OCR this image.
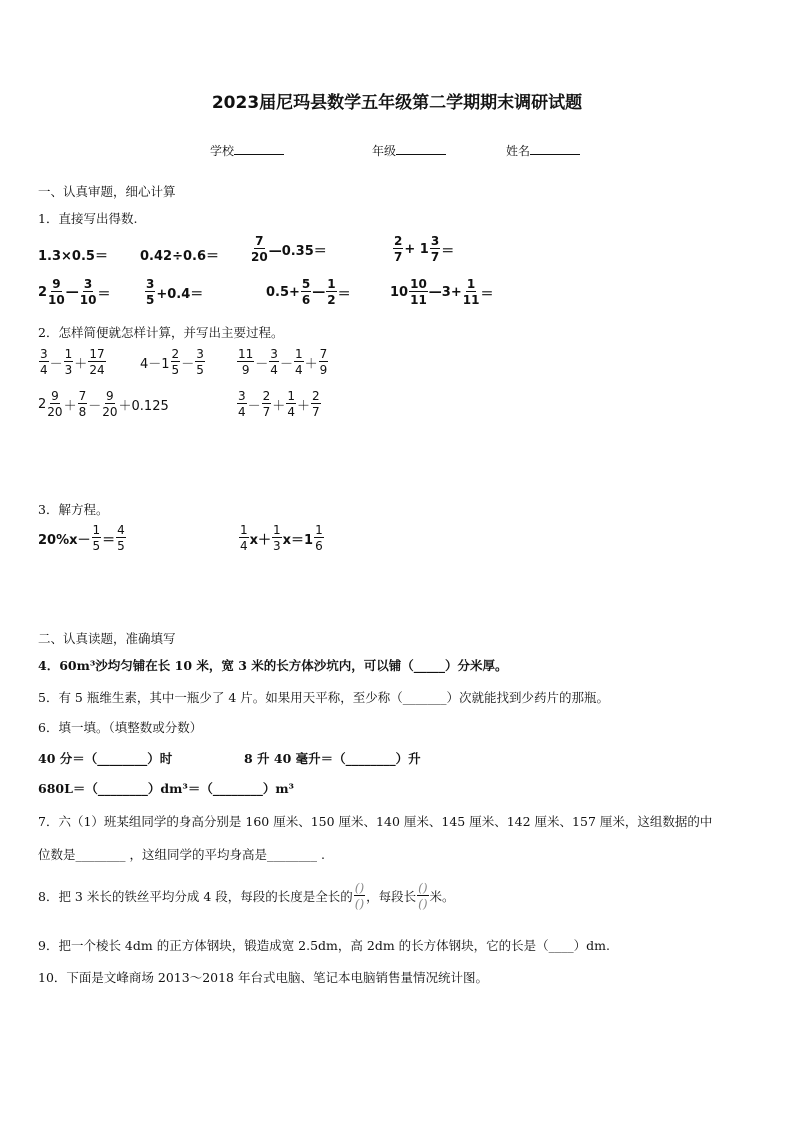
2023届尼玛县数学五年级第二学期期末调研试题
学校	年级	姓名
一、认真审题，细心计算
1．直接写出得数.
1.3×0.5＝ 0.42÷0.6＝	$\frac{7}{20}$ —0.35＝	$\frac{2}{7} + 1 \frac{3}{7}$ ＝
$2 \frac{9}{10}$ — $\frac{3}{10}$ ＝	$\frac{3}{5} +0.4=$	$0.5+ \frac{5}{6}$ — $\frac{1}{2}$ ＝	$10 \frac{10}{11}$ —3+ $\frac{1}{11}$ ＝
2．怎样简便就怎样计算，并写出主要过程。
$\frac{3}{4} - \frac{1}{3} + \frac{17}{24}$	$4-1 \frac{2}{5} - \frac{3}{5}$	$\frac{11}{9} - \frac{3}{4} - \frac{1}{4} + \frac{7}{9}$
$2 \frac{9}{20} + \frac{7}{8} - \frac{9}{20} +0.125$	$\frac{3}{4} - \frac{2}{7} + \frac{1}{4} + \frac{2}{7}$
3．解方程。
$20\%x- \frac{1}{5} = \frac{4}{5}$	$\frac{1}{4} x+ \frac{1}{3} x=1 \frac{1}{6}$
二、认真读题，准确填写
4．60m³沙均匀铺在长 10 米，宽 3 米的长方体沙坑内，可以铺（_____）分米厚。
5．有 5 瓶维生素，其中一瓶少了 4 片。如果用天平称，至少称（_______）次就能找到少药片的那瓶。
6．填一填。（填整数或分数）
40 分＝（________）时	8 升 40 毫升＝（________）升
680L＝（________）dm³＝（________）m³
7．六（1）班某组同学的身高分别是 160 厘米、150 厘米、140 厘米、145 厘米、142 厘米、157 厘米，这组数据的中
位数是________ ，这组同学的平均身高是________ .
8．把 3 米长的铁丝平均分成 4 段，每段的长度是全长的 $\frac{()}{()}$ ，每段长 $\frac{()}{()}$ 米。
9．把一个棱长 4dm 的正方体钢块，锻造成宽 2.5dm，高 2dm 的长方体钢块，它的长是（____）dm.
10．下面是文峰商场 2013～2018 年台式电脑、笔记本电脑销售量情况统计图。
